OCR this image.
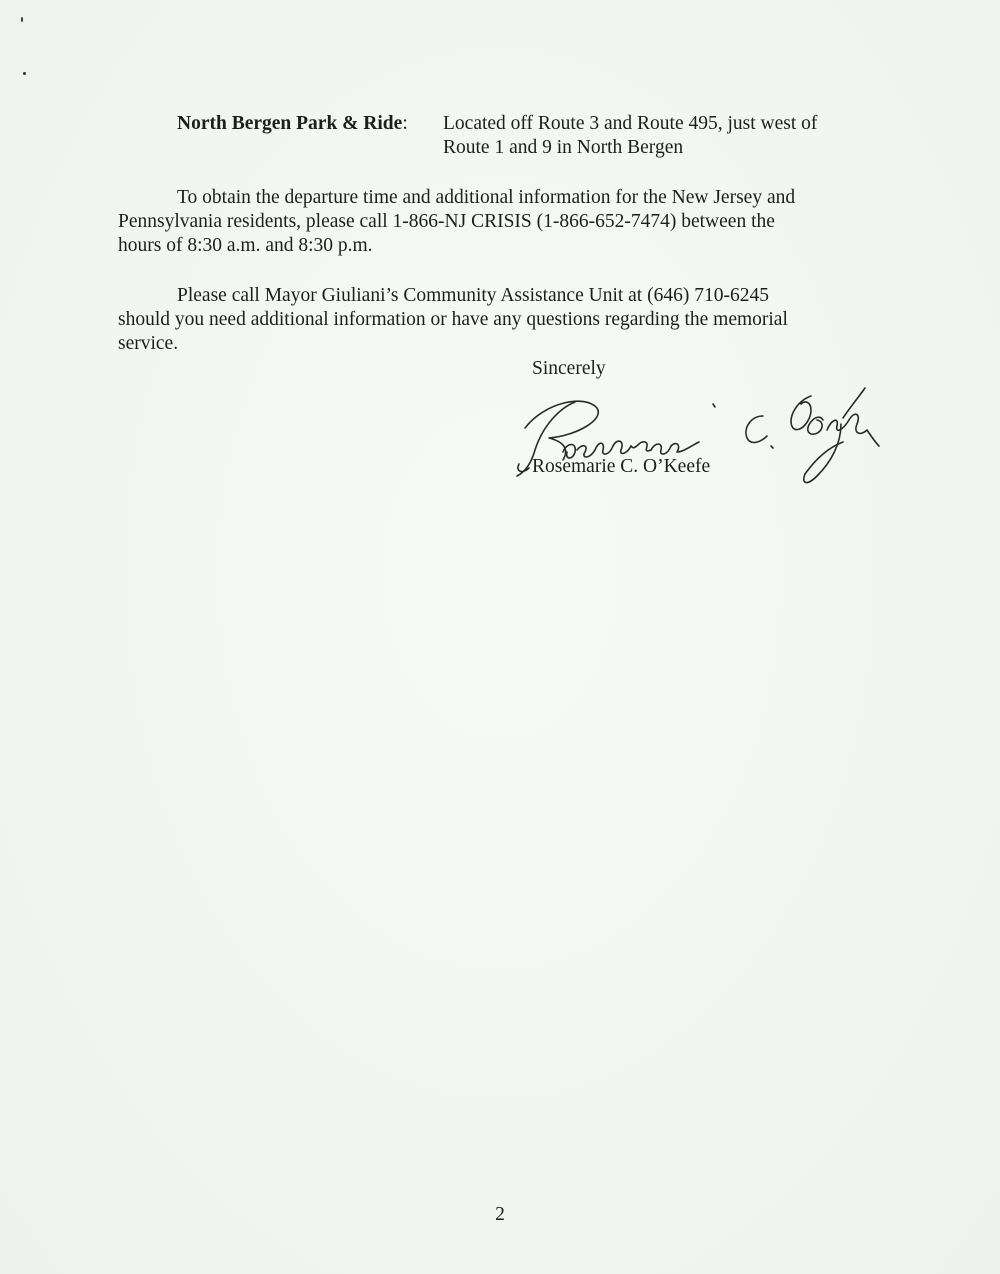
North Bergen Park & Ride: Located off Route 3 and Route 495, just west of
Route 1 and 9 in North Bergen
To obtain the departure time and additional information for the New Jersey and
Pennsylvania residents, please call 1-866-NJ CRISIS (1-866-652-7474) between the
hours of 8:30 a.m. and 8:30 p.m.
Please call Mayor Giuliani’s Community Assistance Unit at (646) 710-6245
should you need additional information or have any questions regarding the memorial
service.
Sincerely
Rosemarie C. O’Keefe
2
